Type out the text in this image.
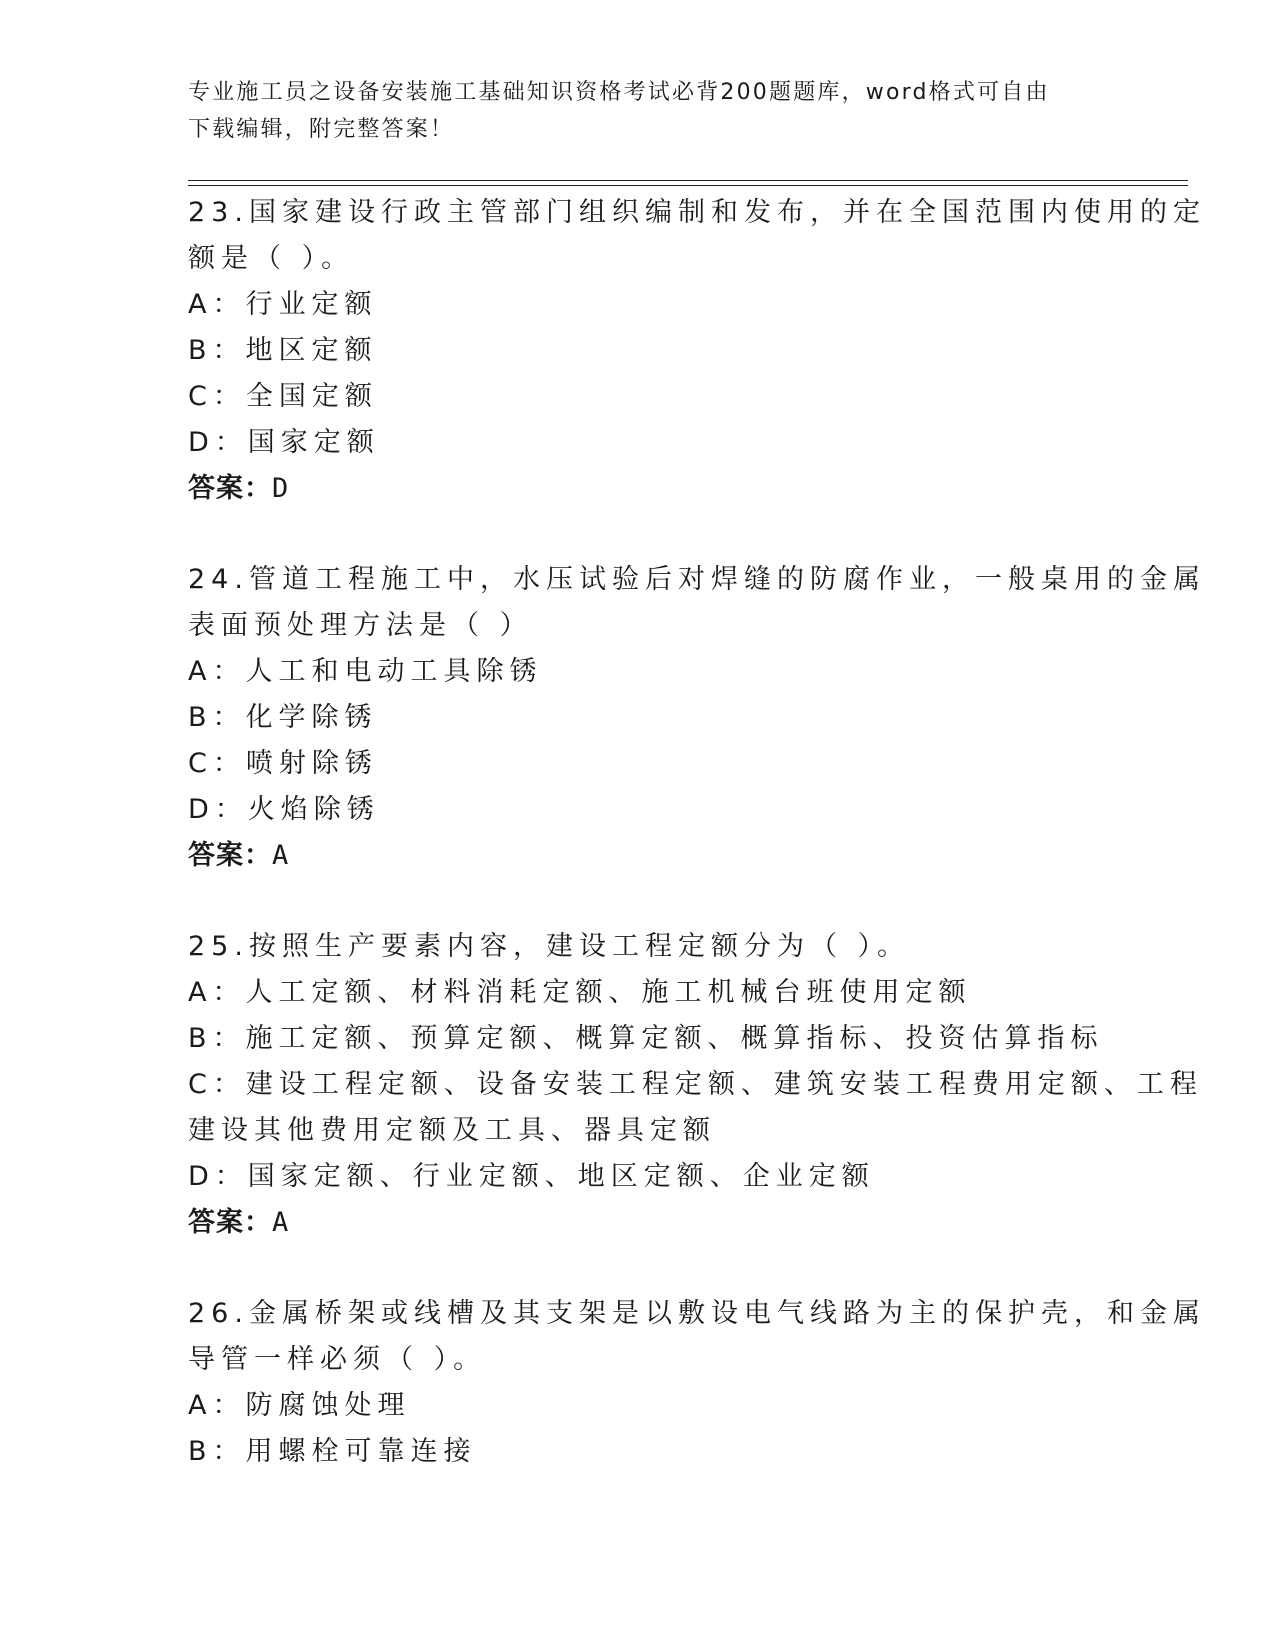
专业施工员之设备安装施工基础知识资格考试必背200题题库，word格式可自由
下载编辑，附完整答案！
23.国家建设行政主管部门组织编制和发布，并在全国范围内使用的定
额是（ ）。
A：行业定额
B：地区定额
C：全国定额
D：国家定额
答案：D
24.管道工程施工中，水压试验后对焊缝的防腐作业，一般桌用的金属
表面预处理方法是（ ）
A：人工和电动工具除锈
B：化学除锈
C：喷射除锈
D：火焰除锈
答案：A
25.按照生产要素内容，建设工程定额分为（ ）。
A：人工定额、材料消耗定额、施工机械台班使用定额
B：施工定额、预算定额、概算定额、概算指标、投资估算指标
C：建设工程定额、设备安装工程定额、建筑安装工程费用定额、工程
建设其他费用定额及工具、器具定额
D：国家定额、行业定额、地区定额、企业定额
答案：A
26.金属桥架或线槽及其支架是以敷设电气线路为主的保护壳，和金属
导管一样必须（ ）。
A：防腐蚀处理
B：用螺栓可靠连接
